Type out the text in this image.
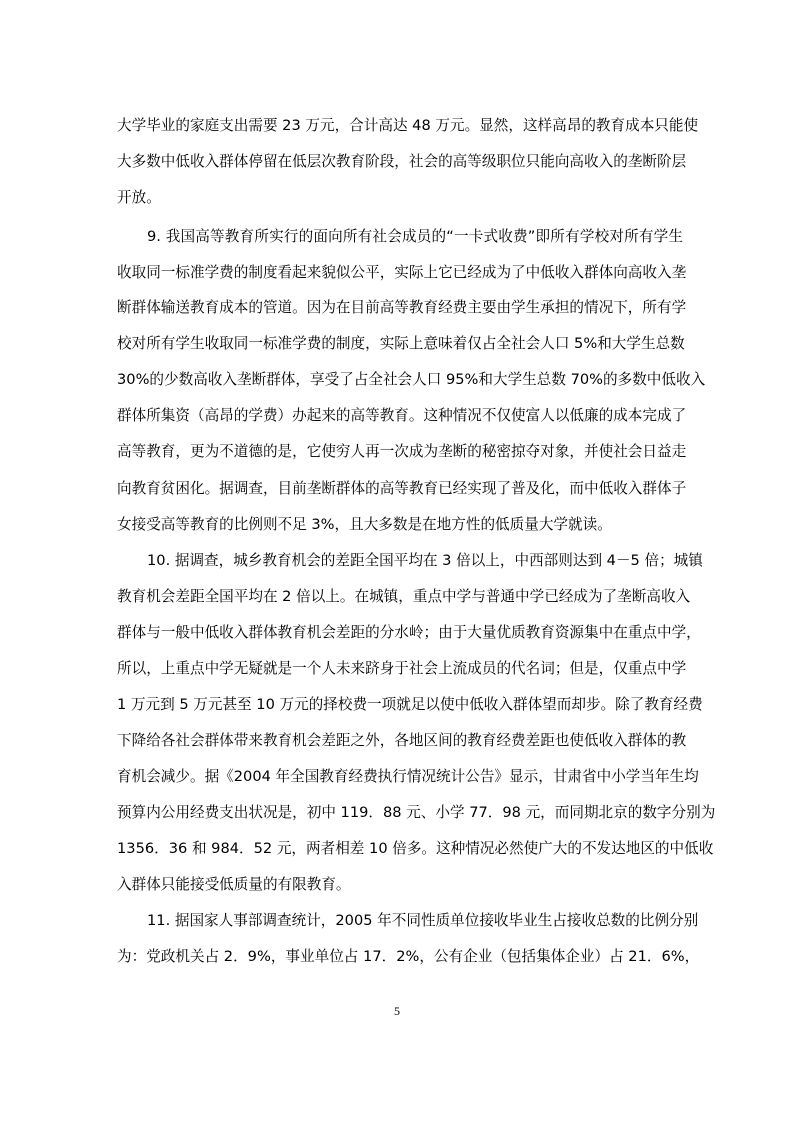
大学毕业的家庭支出需要 23 万元，合计高达 48 万元。显然，这样高昂的教育成本只能使
大多数中低收入群体停留在低层次教育阶段，社会的高等级职位只能向高收入的垄断阶层
开放。
9. 我国高等教育所实行的面向所有社会成员的“一卡式收费”即所有学校对所有学生
收取同一标准学费的制度看起来貌似公平，实际上它已经成为了中低收入群体向高收入垄
断群体输送教育成本的管道。因为在目前高等教育经费主要由学生承担的情况下，所有学
校对所有学生收取同一标准学费的制度，实际上意味着仅占全社会人口 5%和大学生总数
30%的少数高收入垄断群体，享受了占全社会人口 95%和大学生总数 70%的多数中低收入
群体所集资（高昂的学费）办起来的高等教育。这种情况不仅使富人以低廉的成本完成了
高等教育，更为不道德的是，它使穷人再一次成为垄断的秘密掠夺对象，并使社会日益走
向教育贫困化。据调查，目前垄断群体的高等教育已经实现了普及化，而中低收入群体子
女接受高等教育的比例则不足 3%，且大多数是在地方性的低质量大学就读。
10. 据调查，城乡教育机会的差距全国平均在 3 倍以上，中西部则达到 4－5 倍；城镇
教育机会差距全国平均在 2 倍以上。在城镇，重点中学与普通中学已经成为了垄断高收入
群体与一般中低收入群体教育机会差距的分水岭；由于大量优质教育资源集中在重点中学，
所以，上重点中学无疑就是一个人未来跻身于社会上流成员的代名词；但是，仅重点中学
1 万元到 5 万元甚至 10 万元的择校费一项就足以使中低收入群体望而却步。除了教育经费
下降给各社会群体带来教育机会差距之外，各地区间的教育经费差距也使低收入群体的教
育机会减少。据《2004 年全国教育经费执行情况统计公告》显示，甘肃省中小学当年生均
预算内公用经费支出状况是，初中 119．88 元、小学 77．98 元，而同期北京的数字分别为
1356．36 和 984．52 元，两者相差 10 倍多。这种情况必然使广大的不发达地区的中低收
入群体只能接受低质量的有限教育。
11. 据国家人事部调查统计，2005 年不同性质单位接收毕业生占接收总数的比例分别
为：党政机关占 2．9%，事业单位占 17．2%，公有企业（包括集体企业）占 21．6%，
5
